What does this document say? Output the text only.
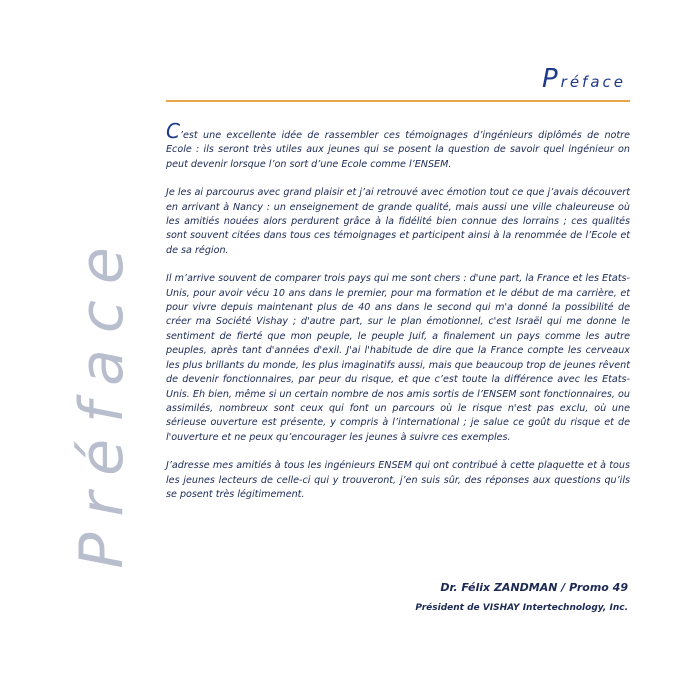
Préface
Préface

C’est une excellente idée de rassembler ces témoignages d’ingénieurs diplômés de notre Ecole : ils seront très utiles aux jeunes qui se posent la question de savoir quel ingénieur on peut devenir lorsque l’on sort d’une Ecole comme l’ENSEM.

Je les ai parcourus avec grand plaisir et j’ai retrouvé avec émotion tout ce que j’avais découvert en arrivant à Nancy : un enseignement de grande qualité, mais aussi une ville chaleureuse où les amitiés nouées alors perdurent grâce à la fidélité bien connue des lorrains ; ces qualités sont souvent citées dans tous ces témoignages et participent ainsi à la renommée de l’Ecole et de sa région.

Il m’arrive souvent de comparer trois pays qui me sont chers : d'une part, la France et les Etats-Unis, pour avoir vécu 10 ans dans le premier, pour ma formation et le début de ma carrière, et pour vivre depuis maintenant plus de 40 ans dans le second qui m'a donné la possibilité de créer ma Société Vishay ; d'autre part, sur le plan émotionnel, c'est Israël qui me donne le sentiment de fierté que mon peuple, le peuple Juif, a finalement un pays comme les autre peuples, après tant d'années d'exil. J'ai l'habitude de dire que la France compte les cerveaux les plus brillants du monde, les plus imaginatifs aussi, mais que beaucoup trop de jeunes rêvent de devenir fonctionnaires, par peur du risque, et que c’est toute la différence avec les Etats-Unis. Eh bien, même si un certain nombre de nos amis sortis de l’ENSEM sont fonctionnaires, ou assimilés, nombreux sont ceux qui font un parcours où le risque n'est pas exclu, où une sérieuse ouverture est présente, y compris à l’international ; je salue ce goût du risque et de l'ouverture et ne peux qu’encourager les jeunes à suivre ces exemples.

J’adresse mes amitiés à tous les ingénieurs ENSEM qui ont contribué à cette plaquette et à tous les jeunes lecteurs de celle-ci qui y trouveront, j’en suis sûr, des réponses aux questions qu’ils se posent très légitimement.

Dr. Félix ZANDMAN / Promo 49
Président de VISHAY Intertechnology, Inc.
